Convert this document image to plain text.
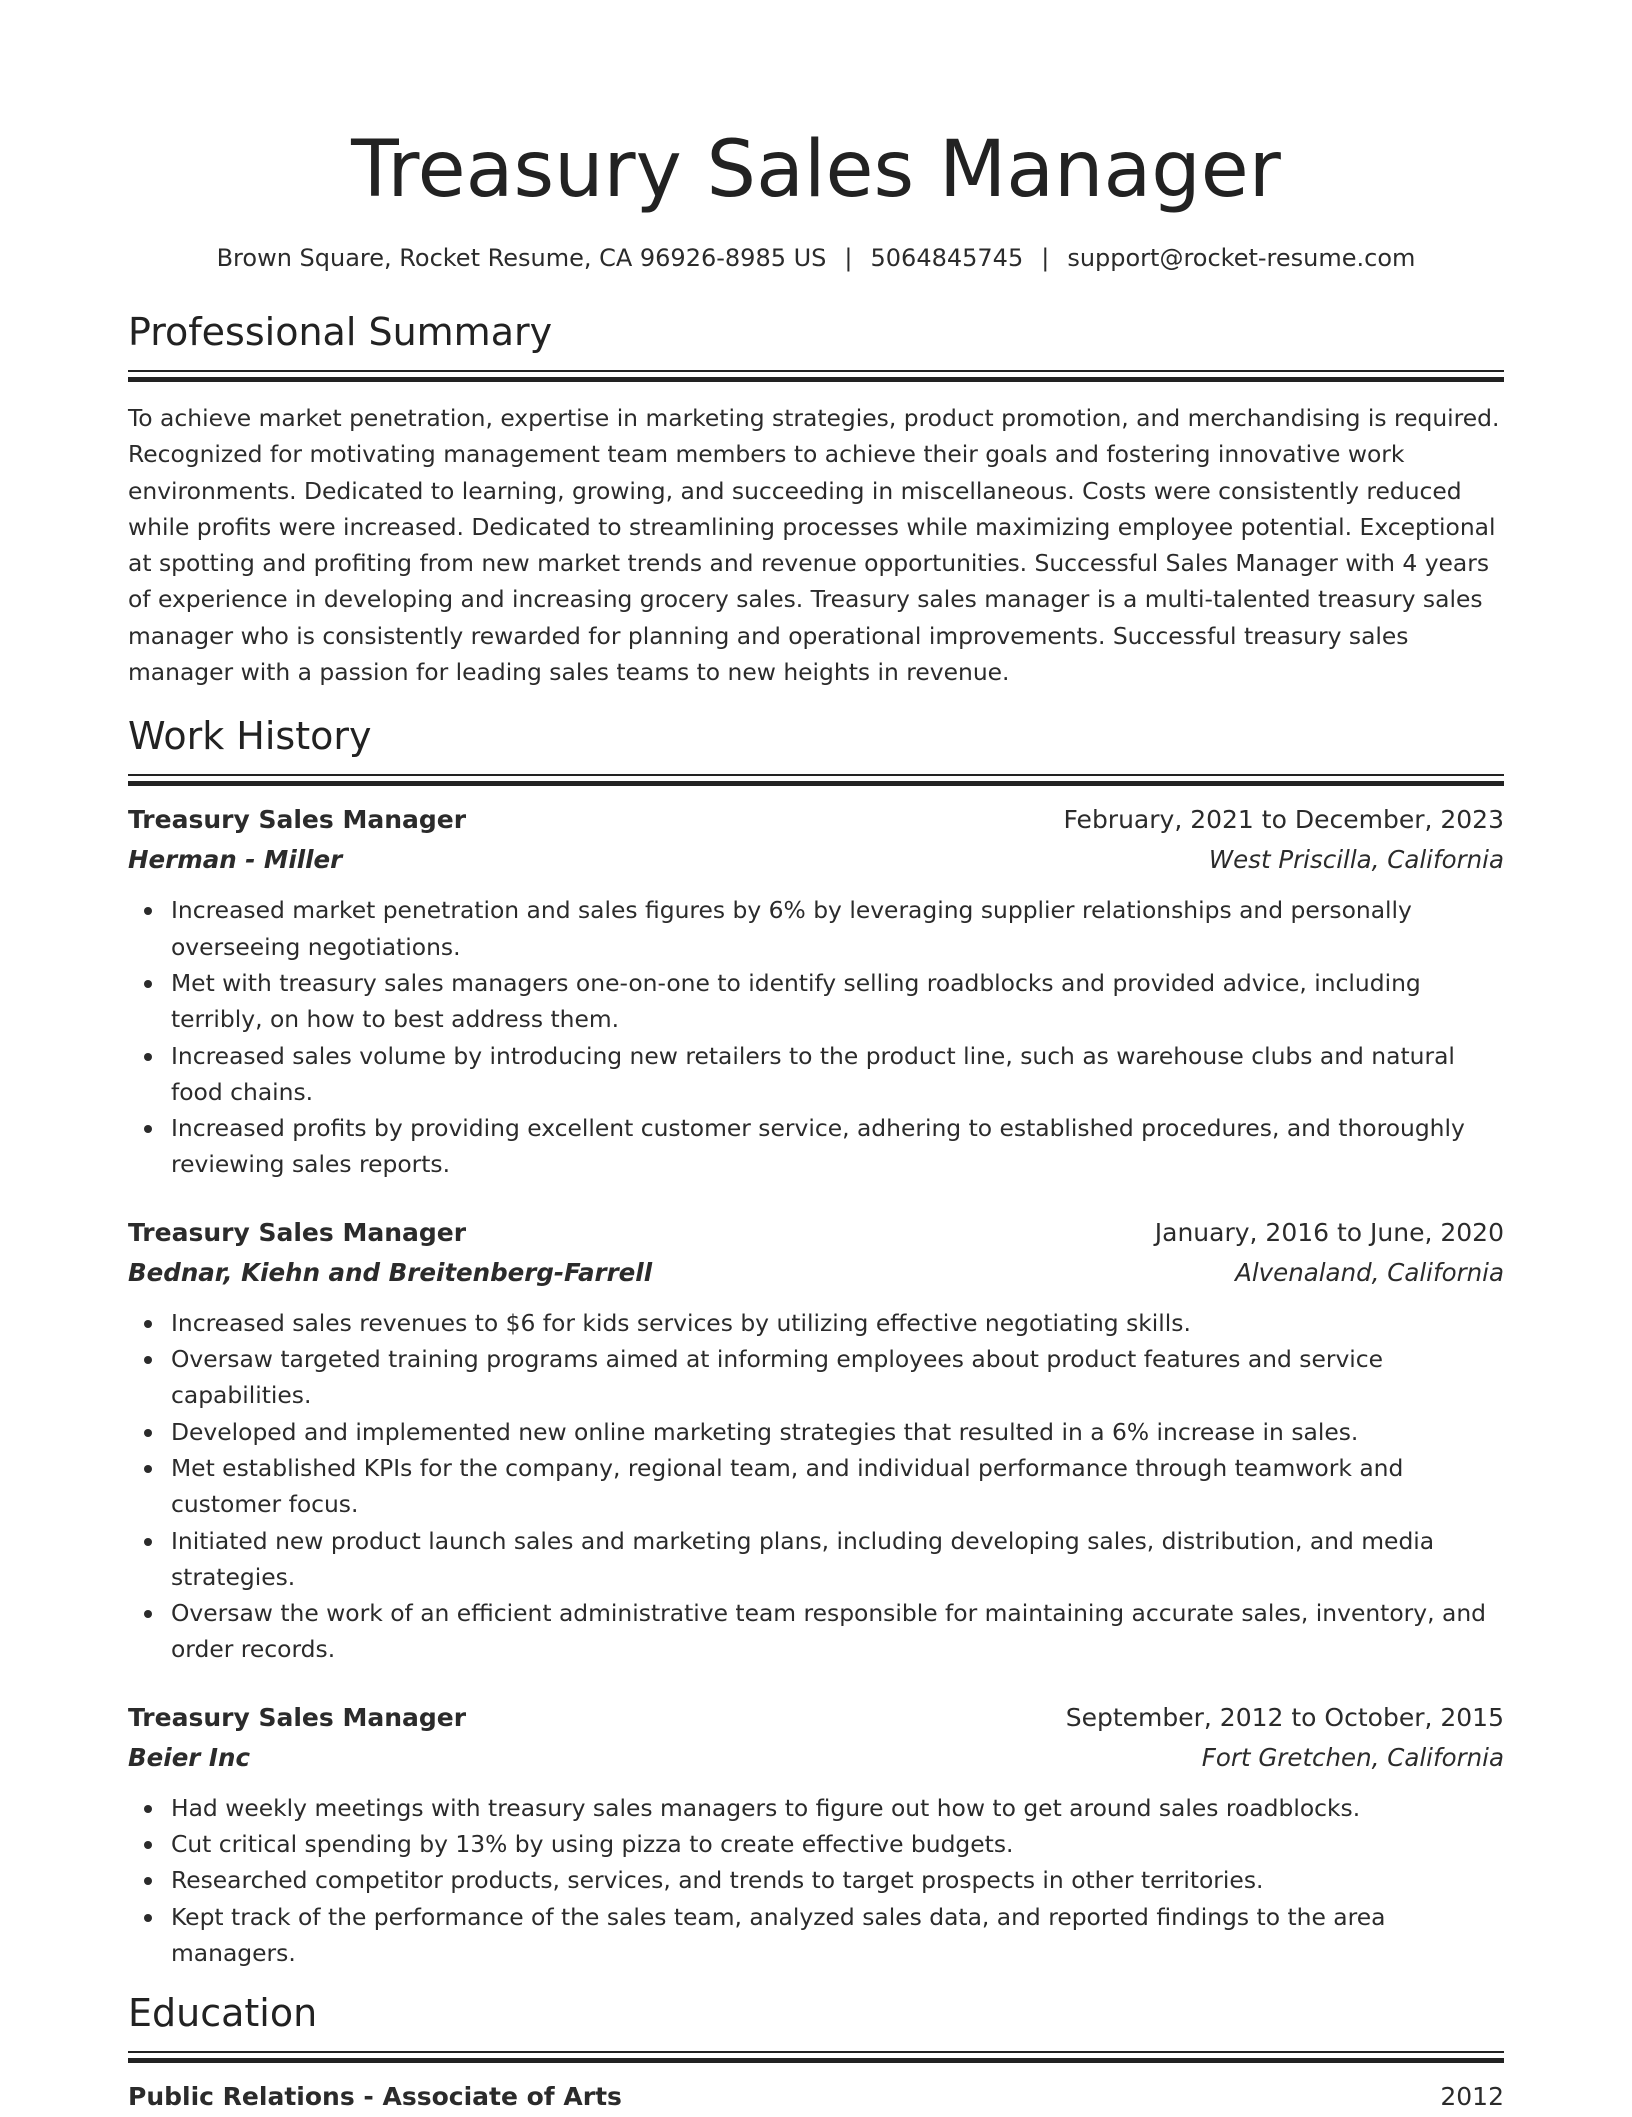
Treasury Sales Manager
Brown Square, Rocket Resume, CA 96926-8985 US | 5064845745 | support@rocket-resume.com
Professional Summary

To achieve market penetration, expertise in marketing strategies, product promotion, and merchandising is required. Recognized for motivating management team members to achieve their goals and fostering innovative work environments. Dedicated to learning, growing, and succeeding in miscellaneous. Costs were consistently reduced while profits were increased. Dedicated to streamlining processes while maximizing employee potential. Exceptional at spotting and profiting from new market trends and revenue opportunities. Successful Sales Manager with 4 years of experience in developing and increasing grocery sales. Treasury sales manager is a multi-talented treasury sales manager who is consistently rewarded for planning and operational improvements. Successful treasury sales manager with a passion for leading sales teams to new heights in revenue.

Work History
Treasury Sales Manager	February, 2021 to December, 2023
Herman - Miller	West Priscilla, California
Increased market penetration and sales figures by 6% by leveraging supplier relationships and personally overseeing negotiations.
Met with treasury sales managers one-on-one to identify selling roadblocks and provided advice, including terribly, on how to best address them.
Increased sales volume by introducing new retailers to the product line, such as warehouse clubs and natural food chains.
Increased profits by providing excellent customer service, adhering to established procedures, and thoroughly reviewing sales reports.
Treasury Sales Manager	January, 2016 to June, 2020
Bednar, Kiehn and Breitenberg-Farrell	Alvenaland, California
Increased sales revenues to $6 for kids services by utilizing effective negotiating skills.
Oversaw targeted training programs aimed at informing employees about product features and service capabilities.
Developed and implemented new online marketing strategies that resulted in a 6% increase in sales.
Met established KPIs for the company, regional team, and individual performance through teamwork and customer focus.
Initiated new product launch sales and marketing plans, including developing sales, distribution, and media strategies.
Oversaw the work of an efficient administrative team responsible for maintaining accurate sales, inventory, and order records.
Treasury Sales Manager	September, 2012 to October, 2015
Beier Inc	Fort Gretchen, California
Had weekly meetings with treasury sales managers to figure out how to get around sales roadblocks.
Cut critical spending by 13% by using pizza to create effective budgets.
Researched competitor products, services, and trends to target prospects in other territories.
Kept track of the performance of the sales team, analyzed sales data, and reported findings to the area managers.
Education
Public Relations - Associate of Arts	2012
